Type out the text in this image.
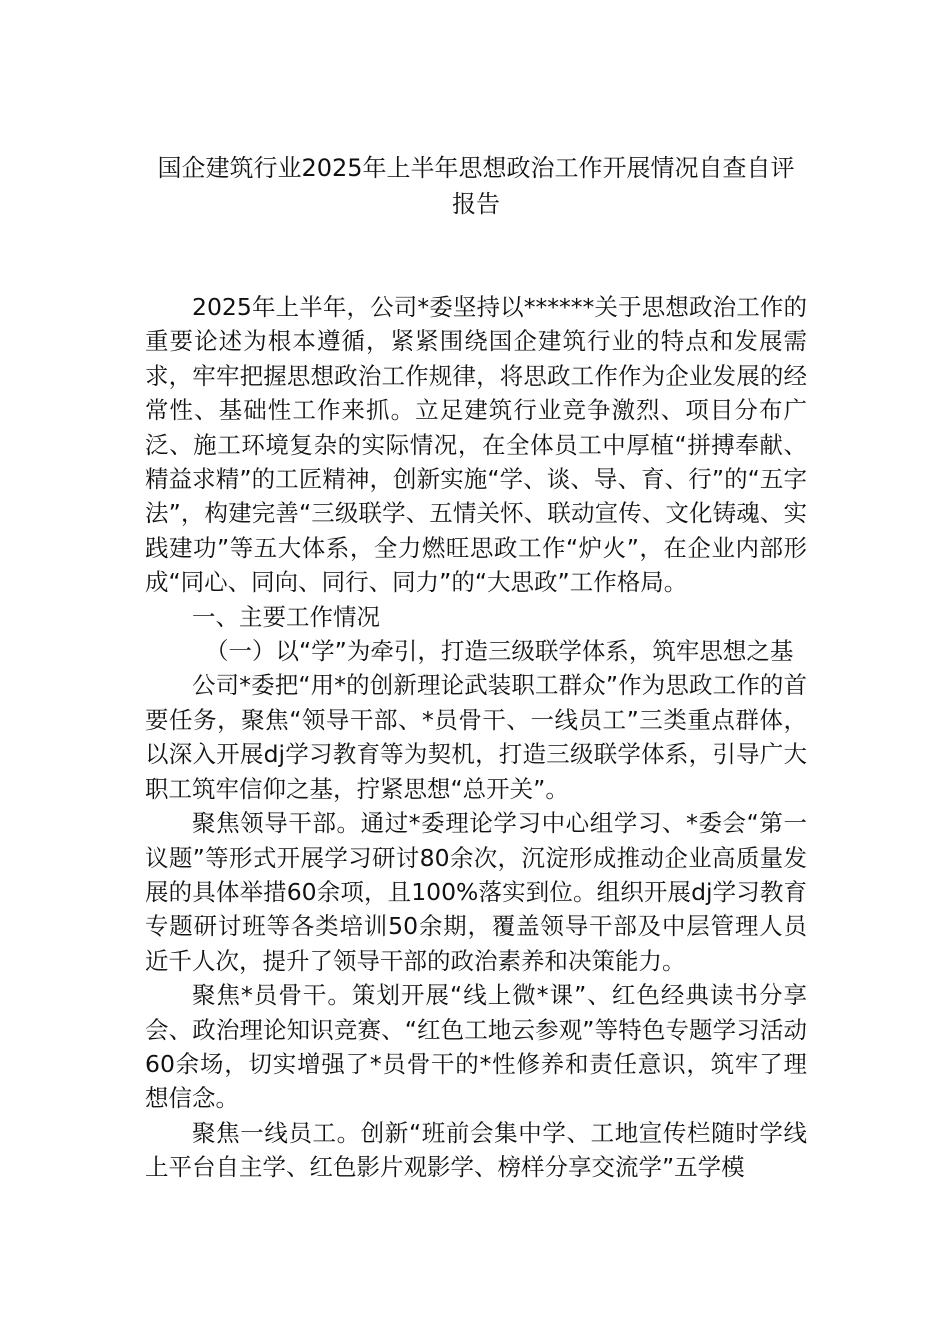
国企建筑行业2025年上半年思想政治工作开展情况自查自评
报告

2025年上半年，公司*委坚持以******关于思想政治工作的重要论述为根本遵循，紧紧围绕国企建筑行业的特点和发展需求，牢牢把握思想政治工作规律，将思政工作作为企业发展的经常性、基础性工作来抓。立足建筑行业竞争激烈、项目分布广泛、施工环境复杂的实际情况，在全体员工中厚植“拼搏奉献、精益求精”的工匠精神，创新实施“学、谈、导、育、行”的“五字法”，构建完善“三级联学、五情关怀、联动宣传、文化铸魂、实践建功”等五大体系，全力燃旺思政工作“炉火”，在企业内部形成“同心、同向、同行、同力”的“大思政”工作格局。

一、主要工作情况

（一）以“学”为牵引，打造三级联学体系，筑牢思想之基

公司*委把“用*的创新理论武装职工群众”作为思政工作的首要任务，聚焦“领导干部、*员骨干、一线员工”三类重点群体，以深入开展dj学习教育等为契机，打造三级联学体系，引导广大职工筑牢信仰之基，拧紧思想“总开关”。

聚焦领导干部。通过*委理论学习中心组学习、*委会“第一议题”等形式开展学习研讨80余次，沉淀形成推动企业高质量发展的具体举措60余项，且100%落实到位。组织开展dj学习教育专题研讨班等各类培训50余期，覆盖领导干部及中层管理人员近千人次，提升了领导干部的政治素养和决策能力。

聚焦*员骨干。策划开展“线上微*课”、红色经典读书分享会、政治理论知识竞赛、“红色工地云参观”等特色专题学习活动60余场，切实增强了*员骨干的*性修养和责任意识，筑牢了理想信念。

聚焦一线员工。创新“班前会集中学、工地宣传栏随时学线上平台自主学、红色影片观影学、榜样分享交流学”五学模
